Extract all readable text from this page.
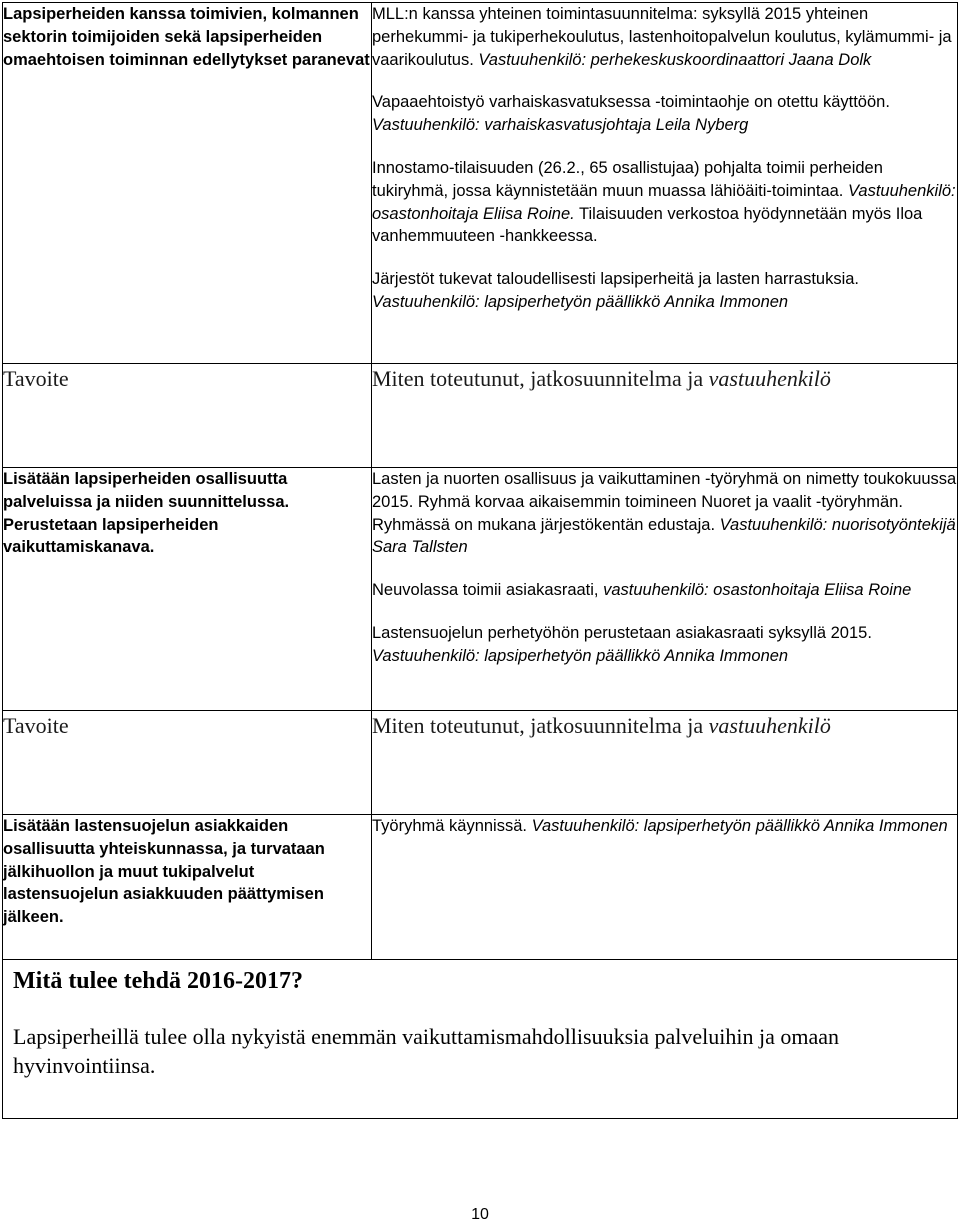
Lapsiperheiden kanssa toimivien, kolmannen sektorin toimijoiden sekä lapsiperheiden omaehtoisen toiminnan edellytykset paranevat	MLL:n kanssa yhteinen toimintasuunnitelma: syksyllä 2015 yhteinen perhekummi- ja tukiperhekoulutus, lastenhoitopalvelun koulutus, kylämummi- ja vaarikoulutus. Vastuuhenkilö: perhekeskuskoordinaattori Jaana Dolk

Vapaaehtoistyö varhaiskasvatuksessa -toimintaohje on otettu käyttöön. Vastuuhenkilö: varhaiskasvatusjohtaja Leila Nyberg

Innostamo-tilaisuuden (26.2., 65 osallistujaa) pohjalta toimii perheiden tukiryhmä, jossa käynnistetään muun muassa lähiöäiti-toimintaa. Vastuuhenkilö: osastonhoitaja Eliisa Roine. Tilaisuuden verkostoa hyödynnetään myös Iloa vanhemmuuteen -hankkeessa.

Järjestöt tukevat taloudellisesti lapsiperheitä ja lasten harrastuksia. Vastuuhenkilö: lapsiperhetyön päällikkö Annika Immonen

Tavoite	Miten toteutunut, jatkosuunnitelma ja vastuuhenkilö

Lisätään lapsiperheiden osallisuutta palveluissa ja niiden suunnittelussa. Perustetaan lapsiperheiden vaikuttamiskanava.	Lasten ja nuorten osallisuus ja vaikuttaminen -työryhmä on nimetty toukokuussa 2015. Ryhmä korvaa aikaisemmin toimineen Nuoret ja vaalit -työryhmän. Ryhmässä on mukana järjestökentän edustaja. Vastuuhenkilö: nuorisotyöntekijä Sara Tallsten

Neuvolassa toimii asiakasraati, vastuuhenkilö: osastonhoitaja Eliisa Roine

Lastensuojelun perhetyöhön perustetaan asiakasraati syksyllä 2015. Vastuuhenkilö: lapsiperhetyön päällikkö Annika Immonen

Tavoite	Miten toteutunut, jatkosuunnitelma ja vastuuhenkilö

Lisätään lastensuojelun asiakkaiden osallisuutta yhteiskunnassa, ja turvataan jälkihuollon ja muut tukipalvelut lastensuojelun asiakkuuden päättymisen jälkeen.	Työryhmä käynnissä. Vastuuhenkilö: lapsiperhetyön päällikkö Annika Immonen

Mitä tulee tehdä 2016-2017?
Lapsiperheillä tulee olla nykyistä enemmän vaikuttamismahdollisuuksia palveluihin ja omaan hyvinvointiinsa.	
10
